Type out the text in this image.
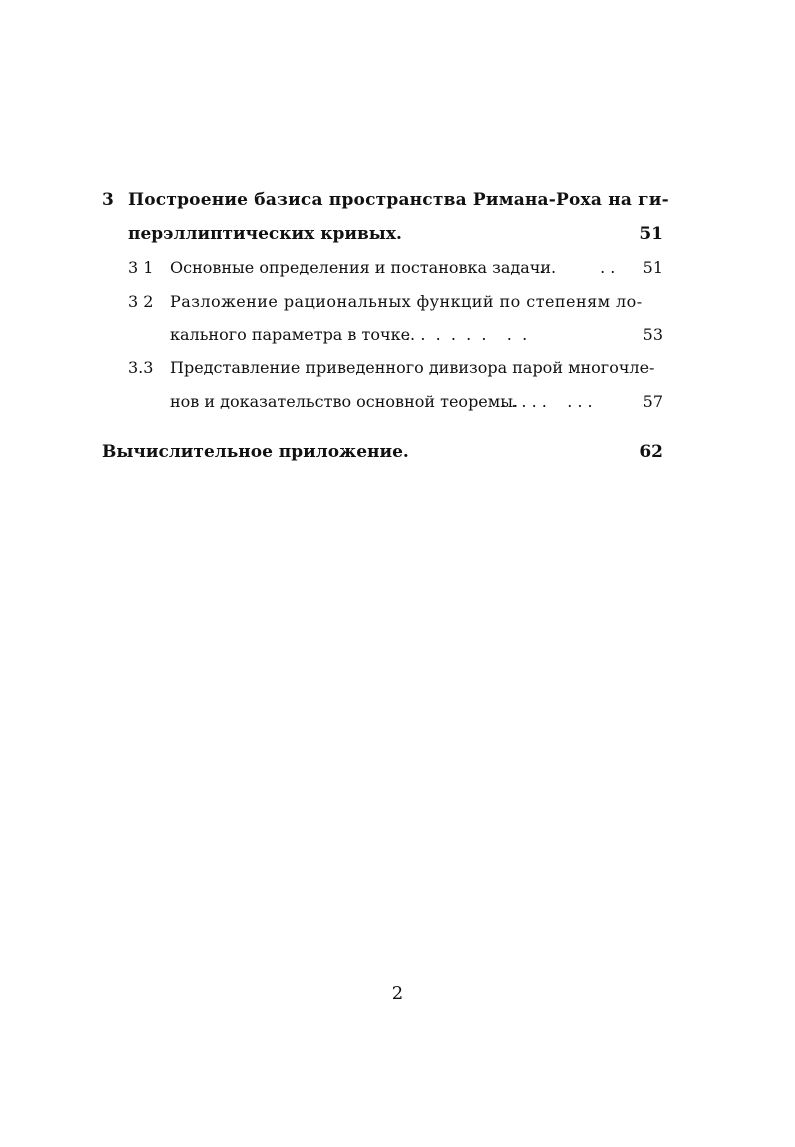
3 Построение базиса пространства Римана-Роха на ги-
перэллиптических кривых.	51
3 1 Основные определения и постановка задачи.
.           . . 51
3 2 Разложение рациональных функций по степеням ло-
кального параметра в точке.
.  .  .  .  .  .    .  .	53
3.3 Представление приведенного дивизора парой многочле-
нов и доказательство основной теоремы.
. . . . .    . . .	57
Вычислительное приложение.	62
2
